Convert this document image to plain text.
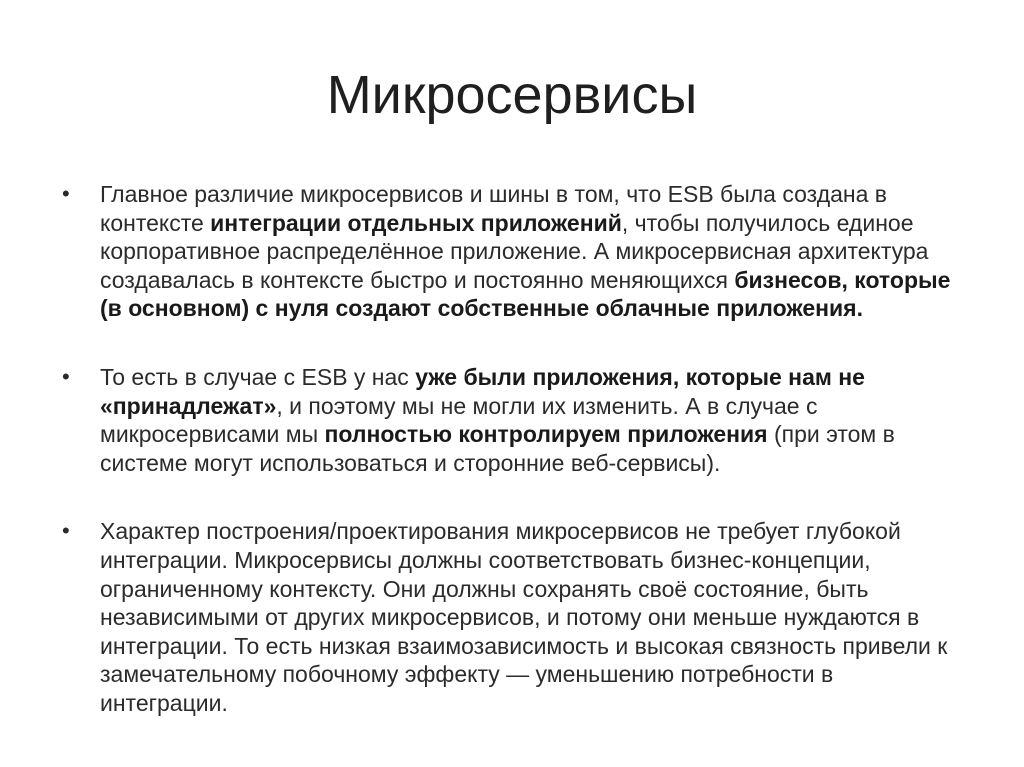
Микросервисы
• Главное различие микросервисов и шины в том, что ESB была создана в контексте интеграции отдельных приложений, чтобы получилось единое корпоративное распределённое приложение. А микросервисная архитектура создавалась в контексте быстро и постоянно меняющихся бизнесов, которые (в основном) с нуля создают собственные облачные приложения.
• То есть в случае с ESB у нас уже были приложения, которые нам не «принадлежат», и поэтому мы не могли их изменить. А в случае с микросервисами мы полностью контролируем приложения (при этом в системе могут использоваться и сторонние веб-сервисы).
• Характер построения/проектирования микросервисов не требует глубокой интеграции. Микросервисы должны соответствовать бизнес-концепции, ограниченному контексту. Они должны сохранять своё состояние, быть независимыми от других микросервисов, и потому они меньше нуждаются в интеграции. То есть низкая взаимозависимость и высокая связность привели к замечательному побочному эффекту — уменьшению потребности в интеграции.
